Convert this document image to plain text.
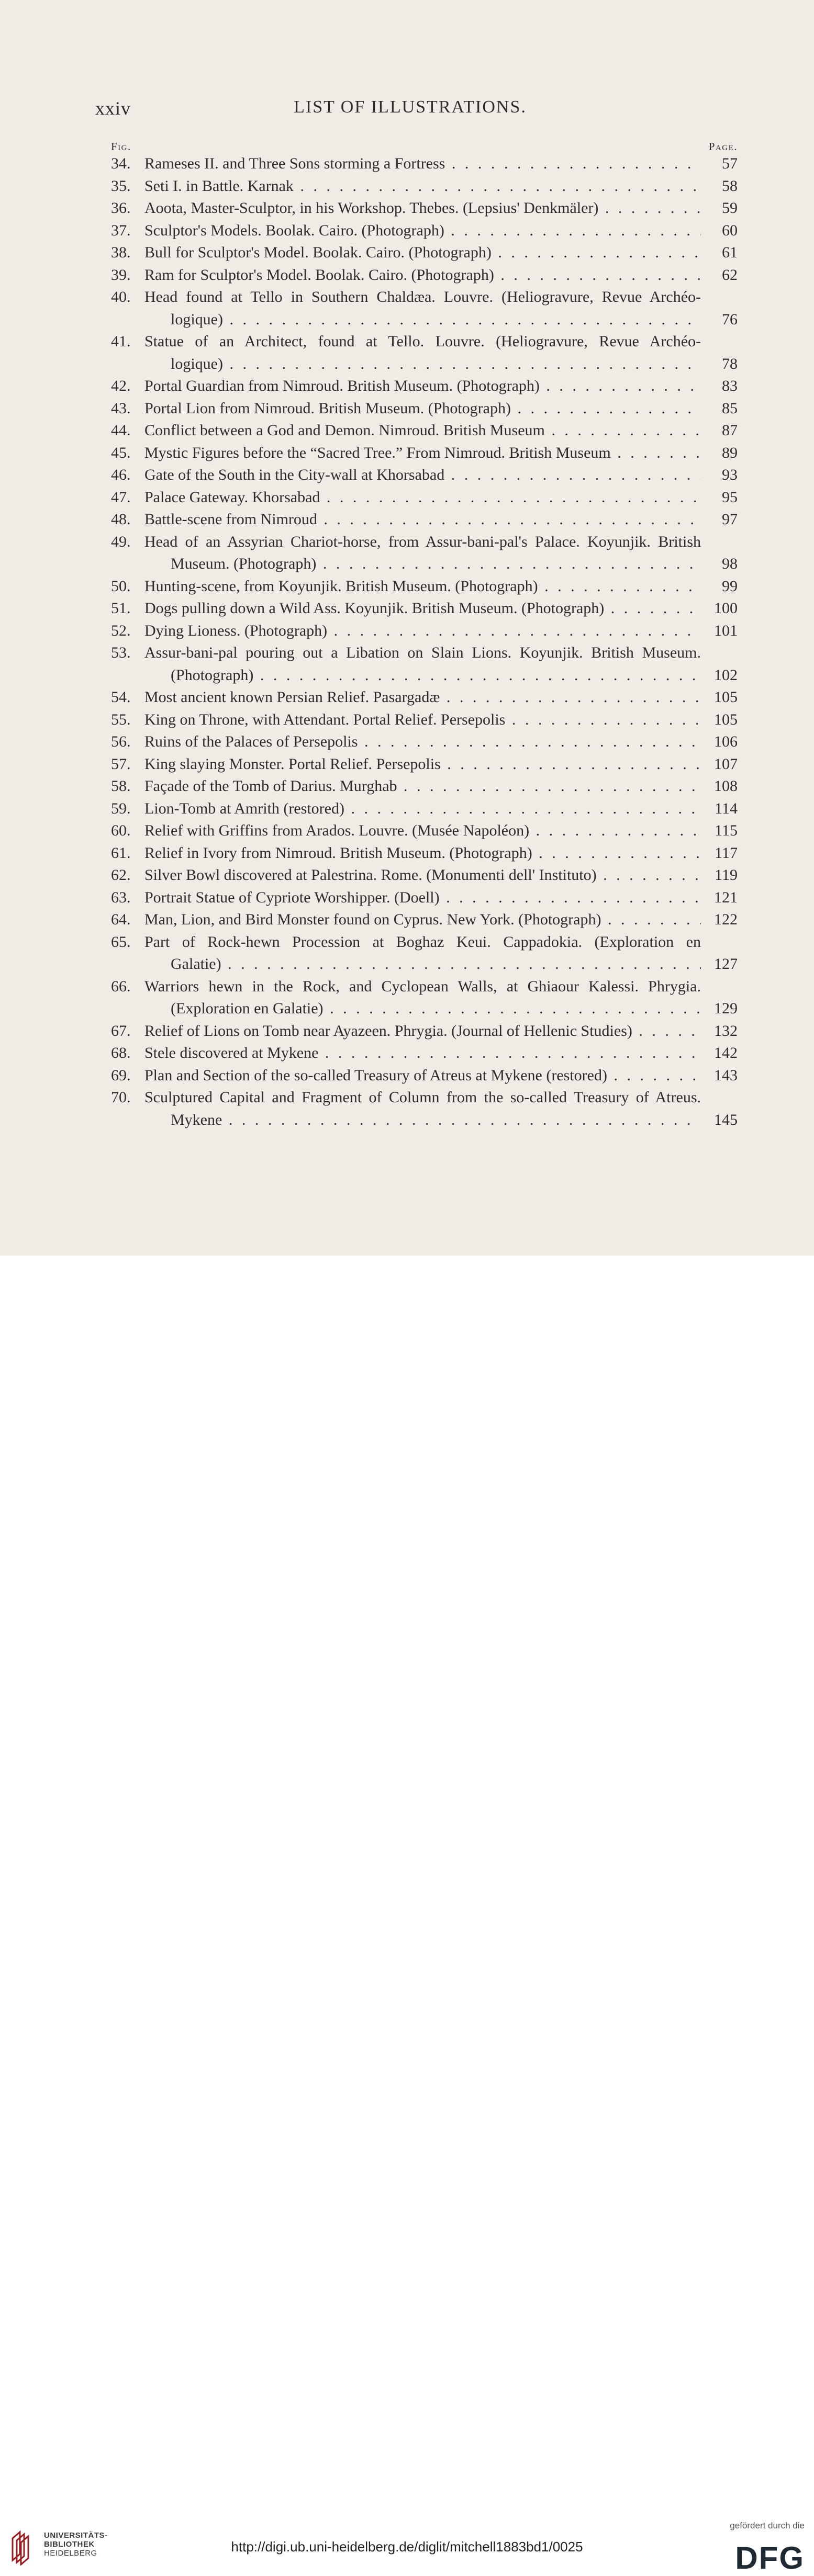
xxiv	LIST OF ILLUSTRATIONS.
Fig.	Page.
34. Rameses II. and Three Sons storming a Fortress . .	57
35. Seti I. in Battle. Karnak . .	58
36. Aoota, Master-Sculptor, in his Workshop. Thebes. (Lepsius' Denkmäler) . .	59
37. Sculptor's Models. Boolak. Cairo. (Photograph) . .	60
38. Bull for Sculptor's Model. Boolak. Cairo. (Photograph) . .	61
39. Ram for Sculptor's Model. Boolak. Cairo. (Photograph) . .	62
40. Head found at Tello in Southern Chaldæa. Louvre. (Heliogravure, Revue Archéo-
logique) . .	76
41. Statue of an Architect, found at Tello. Louvre. (Heliogravure, Revue Archéo-
logique) . .	78
42. Portal Guardian from Nimroud. British Museum. (Photograph) . .	83
43. Portal Lion from Nimroud. British Museum. (Photograph) . .	85
44. Conflict between a God and Demon. Nimroud. British Museum . .	87
45. Mystic Figures before the “Sacred Tree.” From Nimroud. British Museum . .	89
46. Gate of the South in the City-wall at Khorsabad . .	93
47. Palace Gateway. Khorsabad . .	95
48. Battle-scene from Nimroud . .	97
49. Head of an Assyrian Chariot-horse, from Assur-bani-pal's Palace. Koyunjik. British
Museum. (Photograph) . .	98
50. Hunting-scene, from Koyunjik. British Museum. (Photograph) . .	99
51. Dogs pulling down a Wild Ass. Koyunjik. British Museum. (Photograph) . .	100
52. Dying Lioness. (Photograph) . .	101
53. Assur-bani-pal pouring out a Libation on Slain Lions. Koyunjik. British Museum.
(Photograph) . .	102
54. Most ancient known Persian Relief. Pasargadæ . .	105
55. King on Throne, with Attendant. Portal Relief. Persepolis . .	105
56. Ruins of the Palaces of Persepolis . .	106
57. King slaying Monster. Portal Relief. Persepolis . .	107
58. Façade of the Tomb of Darius. Murghab . .	108
59. Lion-Tomb at Amrith (restored) . .	114
60. Relief with Griffins from Arados. Louvre. (Musée Napoléon) . .	115
61. Relief in Ivory from Nimroud. British Museum. (Photograph) . .	117
62. Silver Bowl discovered at Palestrina. Rome. (Monumenti dell' Instituto) . .	119
63. Portrait Statue of Cypriote Worshipper. (Doell) . .	121
64. Man, Lion, and Bird Monster found on Cyprus. New York. (Photograph) . .	122
65. Part of Rock-hewn Procession at Boghaz Keui. Cappadokia. (Exploration en
Galatie) . .	127
66. Warriors hewn in the Rock, and Cyclopean Walls, at Ghiaour Kalessi. Phrygia.
(Exploration en Galatie) . .	129
67. Relief of Lions on Tomb near Ayazeen. Phrygia. (Journal of Hellenic Studies) . .	132
68. Stele discovered at Mykene . .	142
69. Plan and Section of the so-called Treasury of Atreus at Mykene (restored) . .	143
70. Sculptured Capital and Fragment of Column from the so-called Treasury of Atreus.
Mykene . .	145
UNIVERSITÄTS-
BIBLIOTHEK
HEIDELBERG	http://digi.ub.uni-heidelberg.de/diglit/mitchell1883bd1/0025
gefördert durch die
DFG
